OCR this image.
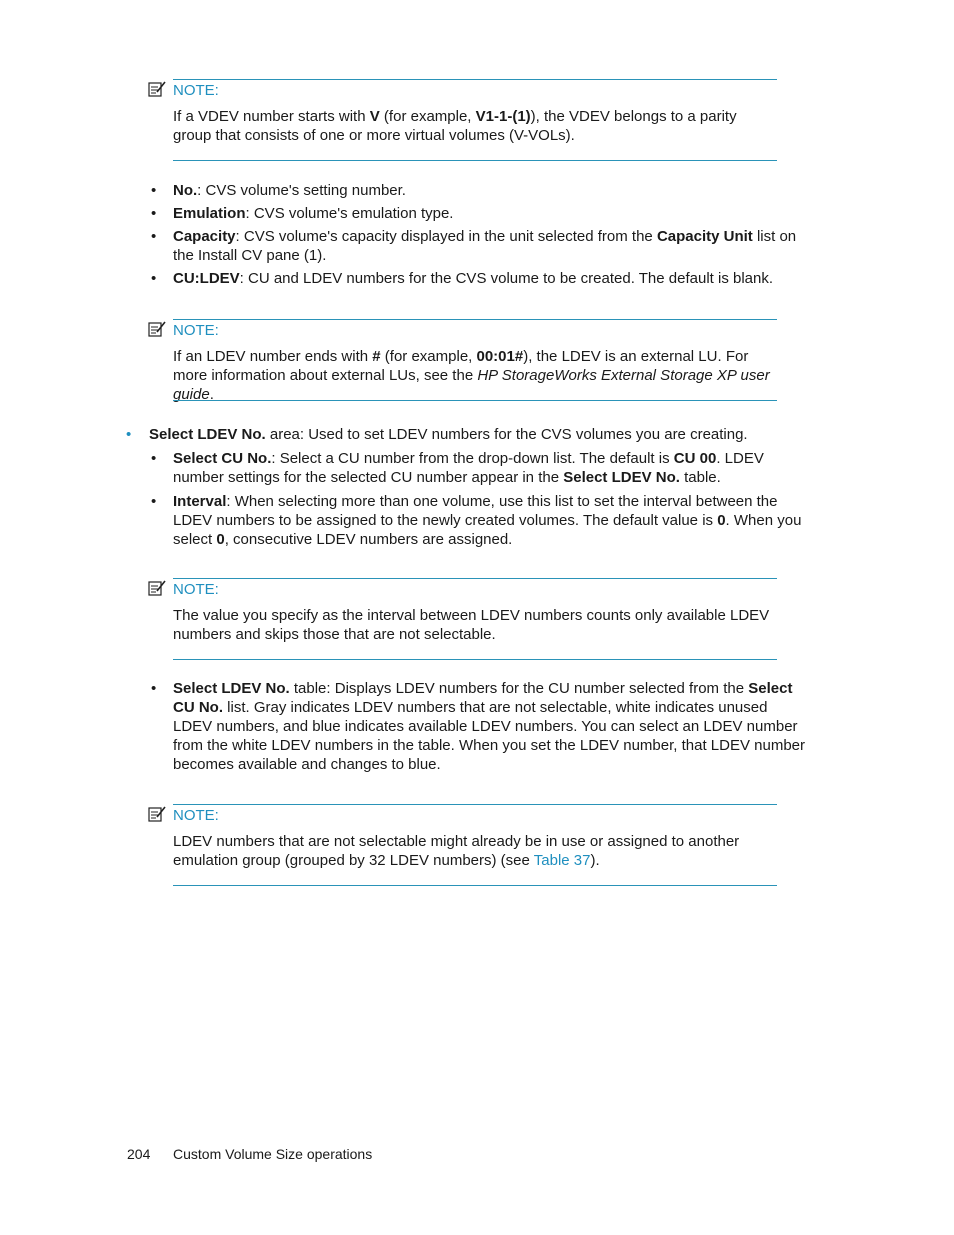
NOTE:
If a VDEV number starts with V (for example, V1-1-(1)), the VDEV belongs to a parity group that consists of one or more virtual volumes (V-VOLs).
• No.: CVS volume's setting number.
• Emulation: CVS volume's emulation type.
• Capacity: CVS volume's capacity displayed in the unit selected from the Capacity Unit list on the Install CV pane (1).
• CU:LDEV: CU and LDEV numbers for the CVS volume to be created. The default is blank.
NOTE:
If an LDEV number ends with # (for example, 00:01#), the LDEV is an external LU. For more information about external LUs, see the HP StorageWorks External Storage XP user guide.
• Select LDEV No. area: Used to set LDEV numbers for the CVS volumes you are creating.
• Select CU No.: Select a CU number from the drop-down list. The default is CU 00. LDEV number settings for the selected CU number appear in the Select LDEV No. table.
• Interval: When selecting more than one volume, use this list to set the interval between the LDEV numbers to be assigned to the newly created volumes. The default value is 0. When you select 0, consecutive LDEV numbers are assigned.
NOTE:
The value you specify as the interval between LDEV numbers counts only available LDEV numbers and skips those that are not selectable.
• Select LDEV No. table: Displays LDEV numbers for the CU number selected from the Select CU No. list. Gray indicates LDEV numbers that are not selectable, white indicates unused LDEV numbers, and blue indicates available LDEV numbers. You can select an LDEV number from the white LDEV numbers in the table. When you set the LDEV number, that LDEV number becomes available and changes to blue.
NOTE:
LDEV numbers that are not selectable might already be in use or assigned to another emulation group (grouped by 32 LDEV numbers) (see Table 37).
204 Custom Volume Size operations
